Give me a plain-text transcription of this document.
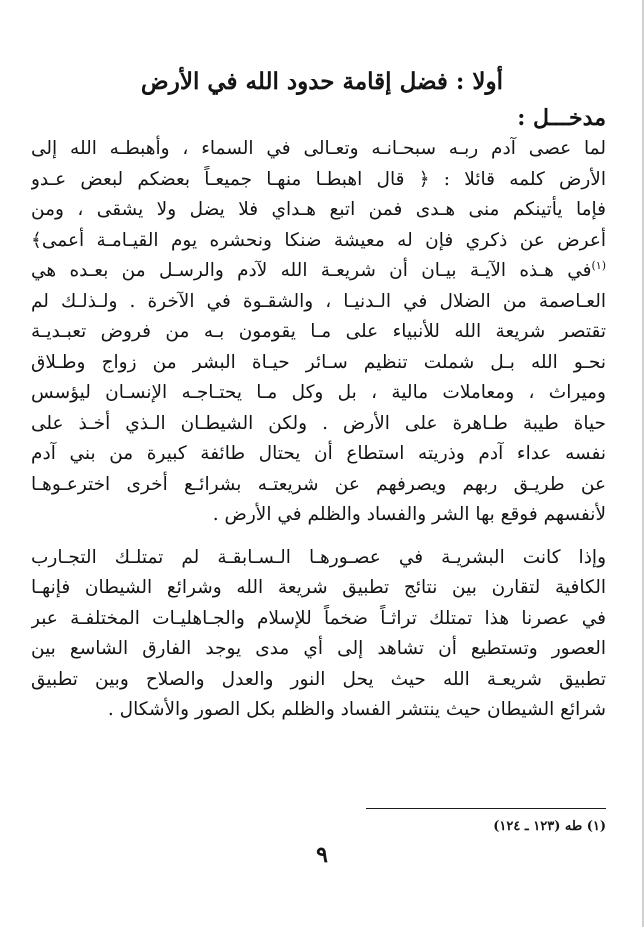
أولا : فضل إقامة حدود الله في الأرض
مدخـــل :
لما عصى آدم ربـه سبحـانـه وتعـالى في السماء ، وأهبطـه الله إلى
الأرض كلمه قائلا : ﴿ قال اهبطـا منهـا جميعـاً بعضكم لبعض عـدو
فإما يأتينكم منى هـدى فمن اتبع هـداي فلا يضل ولا يشقى ، ومن
أعرض عن ذكري فإن له معيشة ضنكا ونحشره يوم القيـامـة أعمى﴾
$^{(١)}$في هـذه الآيـة بيـان أن شريعـة الله لآدم والرسـل من بعـده هي
العـاصمة من الضلال في الـدنيـا ، والشقـوة في الآخرة . ولـذلـك لم
تقتصر شريعة الله للأنبياء على مـا يقومون بـه من فروض تعبـديـة
نحـو الله بـل شملت تنظيم سـائر حيـاة البشر من زواج وطـلاق
وميراث ، ومعاملات مالية ، بل وكل مـا يحتـاجـه الإنسـان ليؤسس
حياة طيبة طـاهرة على الأرض . ولكن الشيطـان الـذي أخـذ على
نفسه عداء آدم وذريته استطاع أن يحتال طائفة كبيرة من بني آدم
عن طريـق ربهم ويصرفهم عن شريعتـه بشرائـع أخرى اخترعـوهـا
لأنفسهم فوقع بها الشر والفساد والظلم في الأرض .
وإذا كانت البشريـة في عصـورهـا الـسـابقـة لم تمتلـك التجـارب
الكافية لتقارن بين نتائج تطبيق شريعة الله وشرائع الشيطان فإنهـا
في عصرنا هذا تمتلك تراثـاً ضخماً للإسلام والجـاهليـات المختلفـة عبر
العصور وتستطيع أن تشاهد إلى أي مدى يوجد الفارق الشاسع بين
تطبيق شريعـة الله حيث يحل النور والعدل والصلاح وبين تطبيق
شرائع الشيطان حيث ينتشر الفساد والظلم بكل الصور والأشكال .
(١) طه (١٢٣ ـ ١٢٤)
٩
